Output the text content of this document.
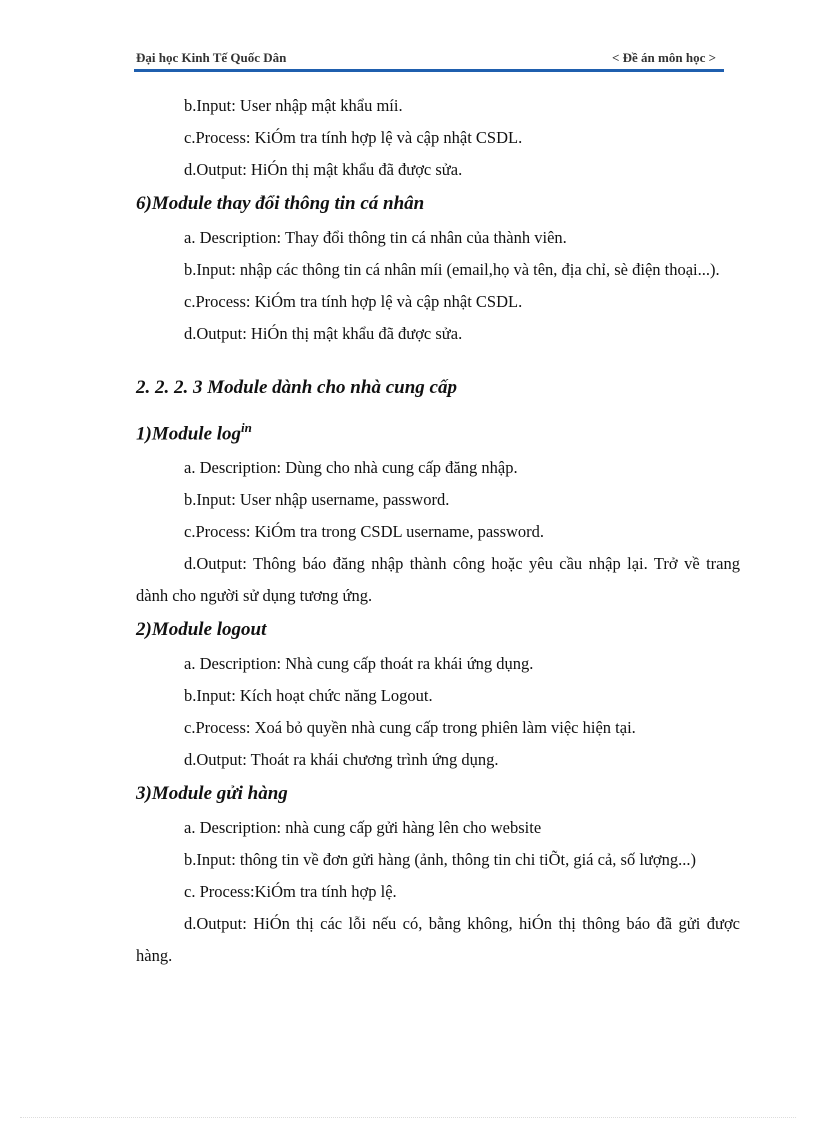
Đại học Kinh Tế Quốc Dân	< Đề án môn học >

b.Input: User nhập mật khẩu míi.

c.Process: KiÓm tra tính hợp lệ và cập nhật CSDL.

d.Output: HiÓn thị mật khẩu đã được sửa.

6)Module thay đổi thông tin cá nhân

a. Description: Thay đổi thông tin cá nhân của thành viên.

b.Input: nhập các thông tin cá nhân míi (email,họ và tên, địa chỉ, sè điện thoại...).

c.Process: KiÓm tra tính hợp lệ và cập nhật CSDL.

d.Output: HiÓn thị mật khẩu đã được sửa.

2. 2. 2. 3 Module dành cho nhà cung cấp

1)Module $\log^{in}$

a. Description: Dùng cho nhà cung cấp đăng nhập.

b.Input: User nhập username, password.

c.Process: KiÓm tra trong CSDL username, password.

d.Output: Thông báo đăng nhập thành công hoặc yêu cầu nhập lại. Trở về trang dành cho người sử dụng tương ứng.

2)Module logout

a. Description: Nhà cung cấp thoát ra khái ứng dụng.

b.Input: Kích hoạt chức năng Logout.

c.Process: Xoá bỏ quyền nhà cung cấp trong phiên làm việc hiện tại.

d.Output: Thoát ra khái chương trình ứng dụng.

3)Module gửi hàng

a. Description: nhà cung cấp gửi hàng lên cho website

b.Input: thông tin về đơn gửi hàng (ảnh, thông tin chi tiÕt, giá cả, số lượng...)

c. Process:KiÓm tra tính hợp lệ.

d.Output: HiÓn thị các lỗi nếu có, bằng không, hiÓn thị thông báo đã gửi được hàng.
